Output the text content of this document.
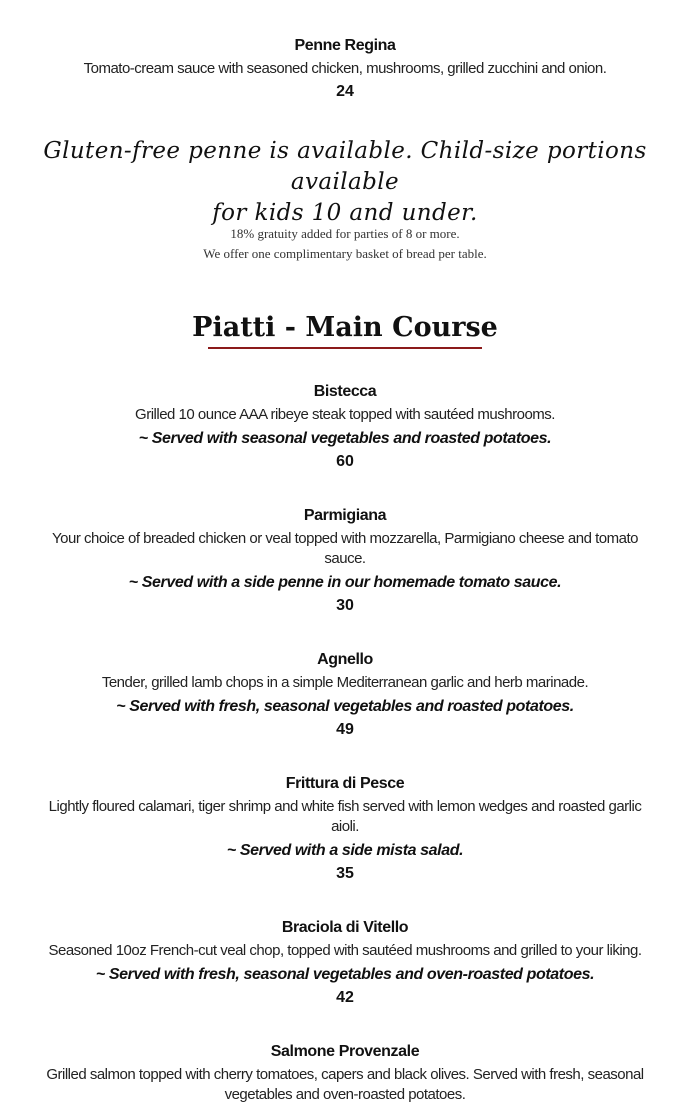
Penne Regina

Tomato-cream sauce with seasoned chicken, mushrooms, grilled zucchini and onion.

24

Gluten-free penne is available. Child-size portions available

for kids 10 and under.

18% gratuity added for parties of 8 or more.

We offer one complimentary basket of bread per table.

Piatti - Main Course

Bistecca

Grilled 10 ounce AAA ribeye steak topped with sautéed mushrooms.

~ Served with seasonal vegetables and roasted potatoes.

60

Parmigiana

Your choice of breaded chicken or veal topped with mozzarella, Parmigiano cheese and tomato sauce.

~ Served with a side penne in our homemade tomato sauce.

30

Agnello

Tender, grilled lamb chops in a simple Mediterranean garlic and herb marinade.

~ Served with fresh, seasonal vegetables and roasted potatoes.

49

Frittura di Pesce

Lightly floured calamari, tiger shrimp and white fish served with lemon wedges and roasted garlic aioli.

~ Served with a side mista salad.

35

Braciola di Vitello

Seasoned 10oz French-cut veal chop, topped with sautéed mushrooms and grilled to your liking.

~ Served with fresh, seasonal vegetables and oven-roasted potatoes.

42

Salmone Provenzale

Grilled salmon topped with cherry tomatoes, capers and black olives. Served with fresh, seasonal vegetables and oven-roasted potatoes.
